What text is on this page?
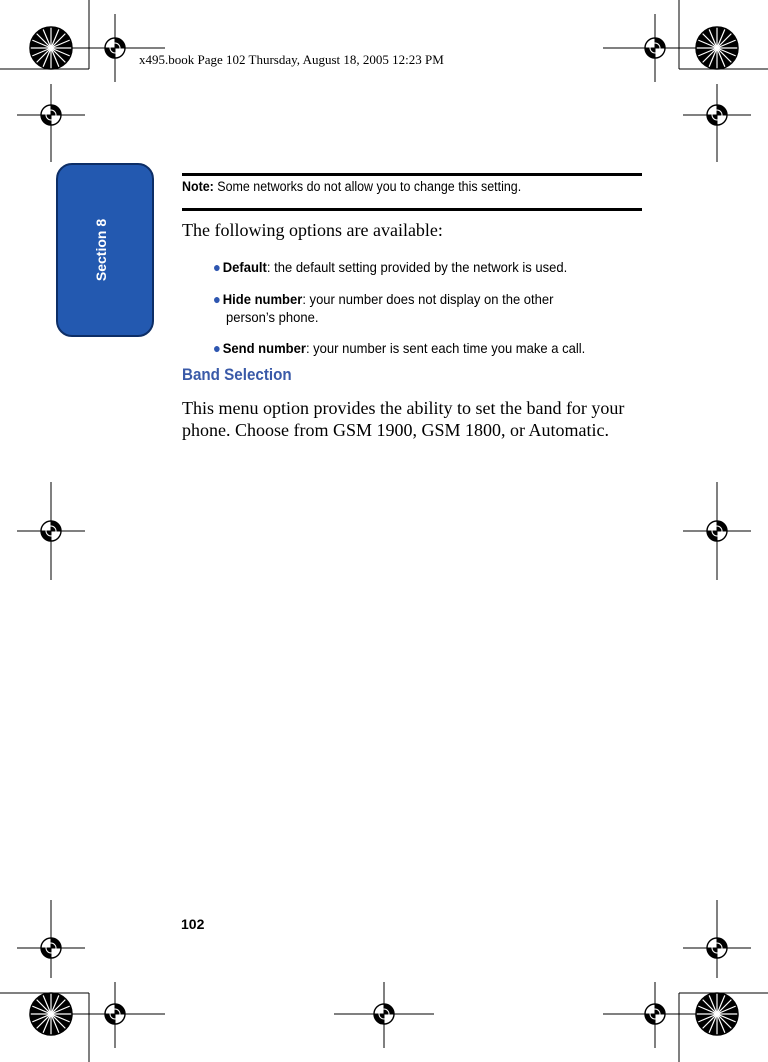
x495.book Page 102 Thursday, August 18, 2005 12:23 PM
Section 8
Note: Some networks do not allow you to change this setting.
The following options are available:
● Default: the default setting provided by the network is used.
● Hide number: your number does not display on the other
person’s phone.
● Send number: your number is sent each time you make a call.
Band Selection
This menu option provides the ability to set the band for your phone. Choose from GSM 1900, GSM 1800, or Automatic.
102
